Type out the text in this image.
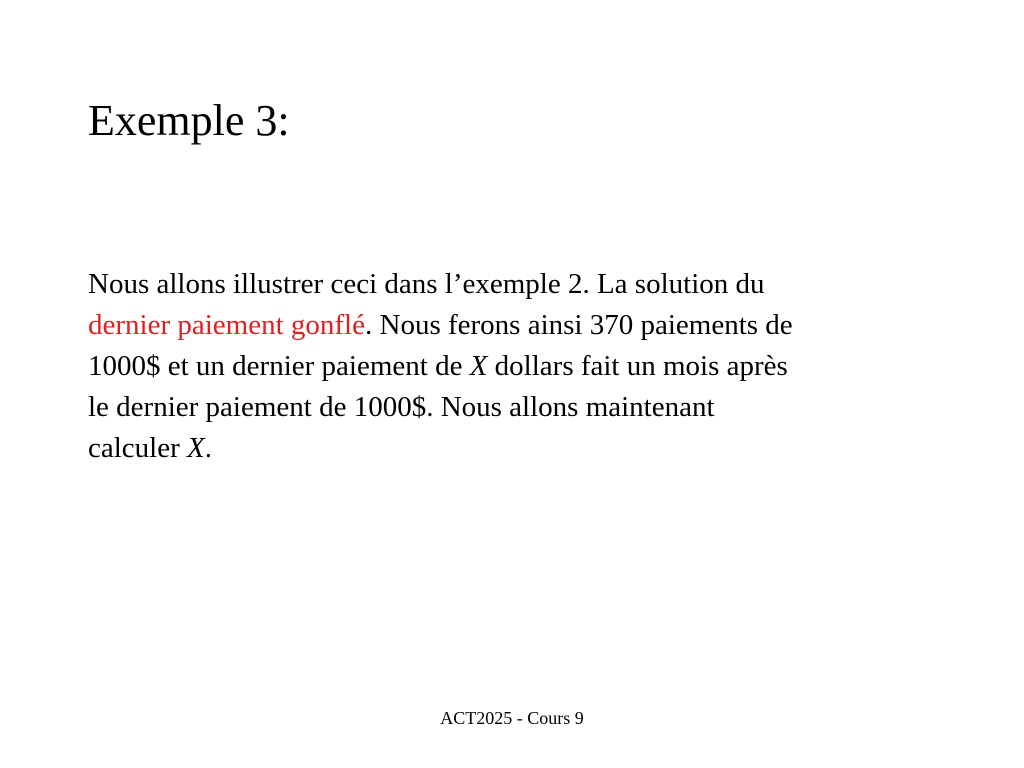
Exemple 3:
Nous allons illustrer ceci dans l’exemple 2. La solution du
dernier paiement gonflé. Nous ferons ainsi 370 paiements de
1000$ et un dernier paiement de X dollars fait un mois après
le dernier paiement de 1000$. Nous allons maintenant
calculer X.
ACT2025 - Cours 9
